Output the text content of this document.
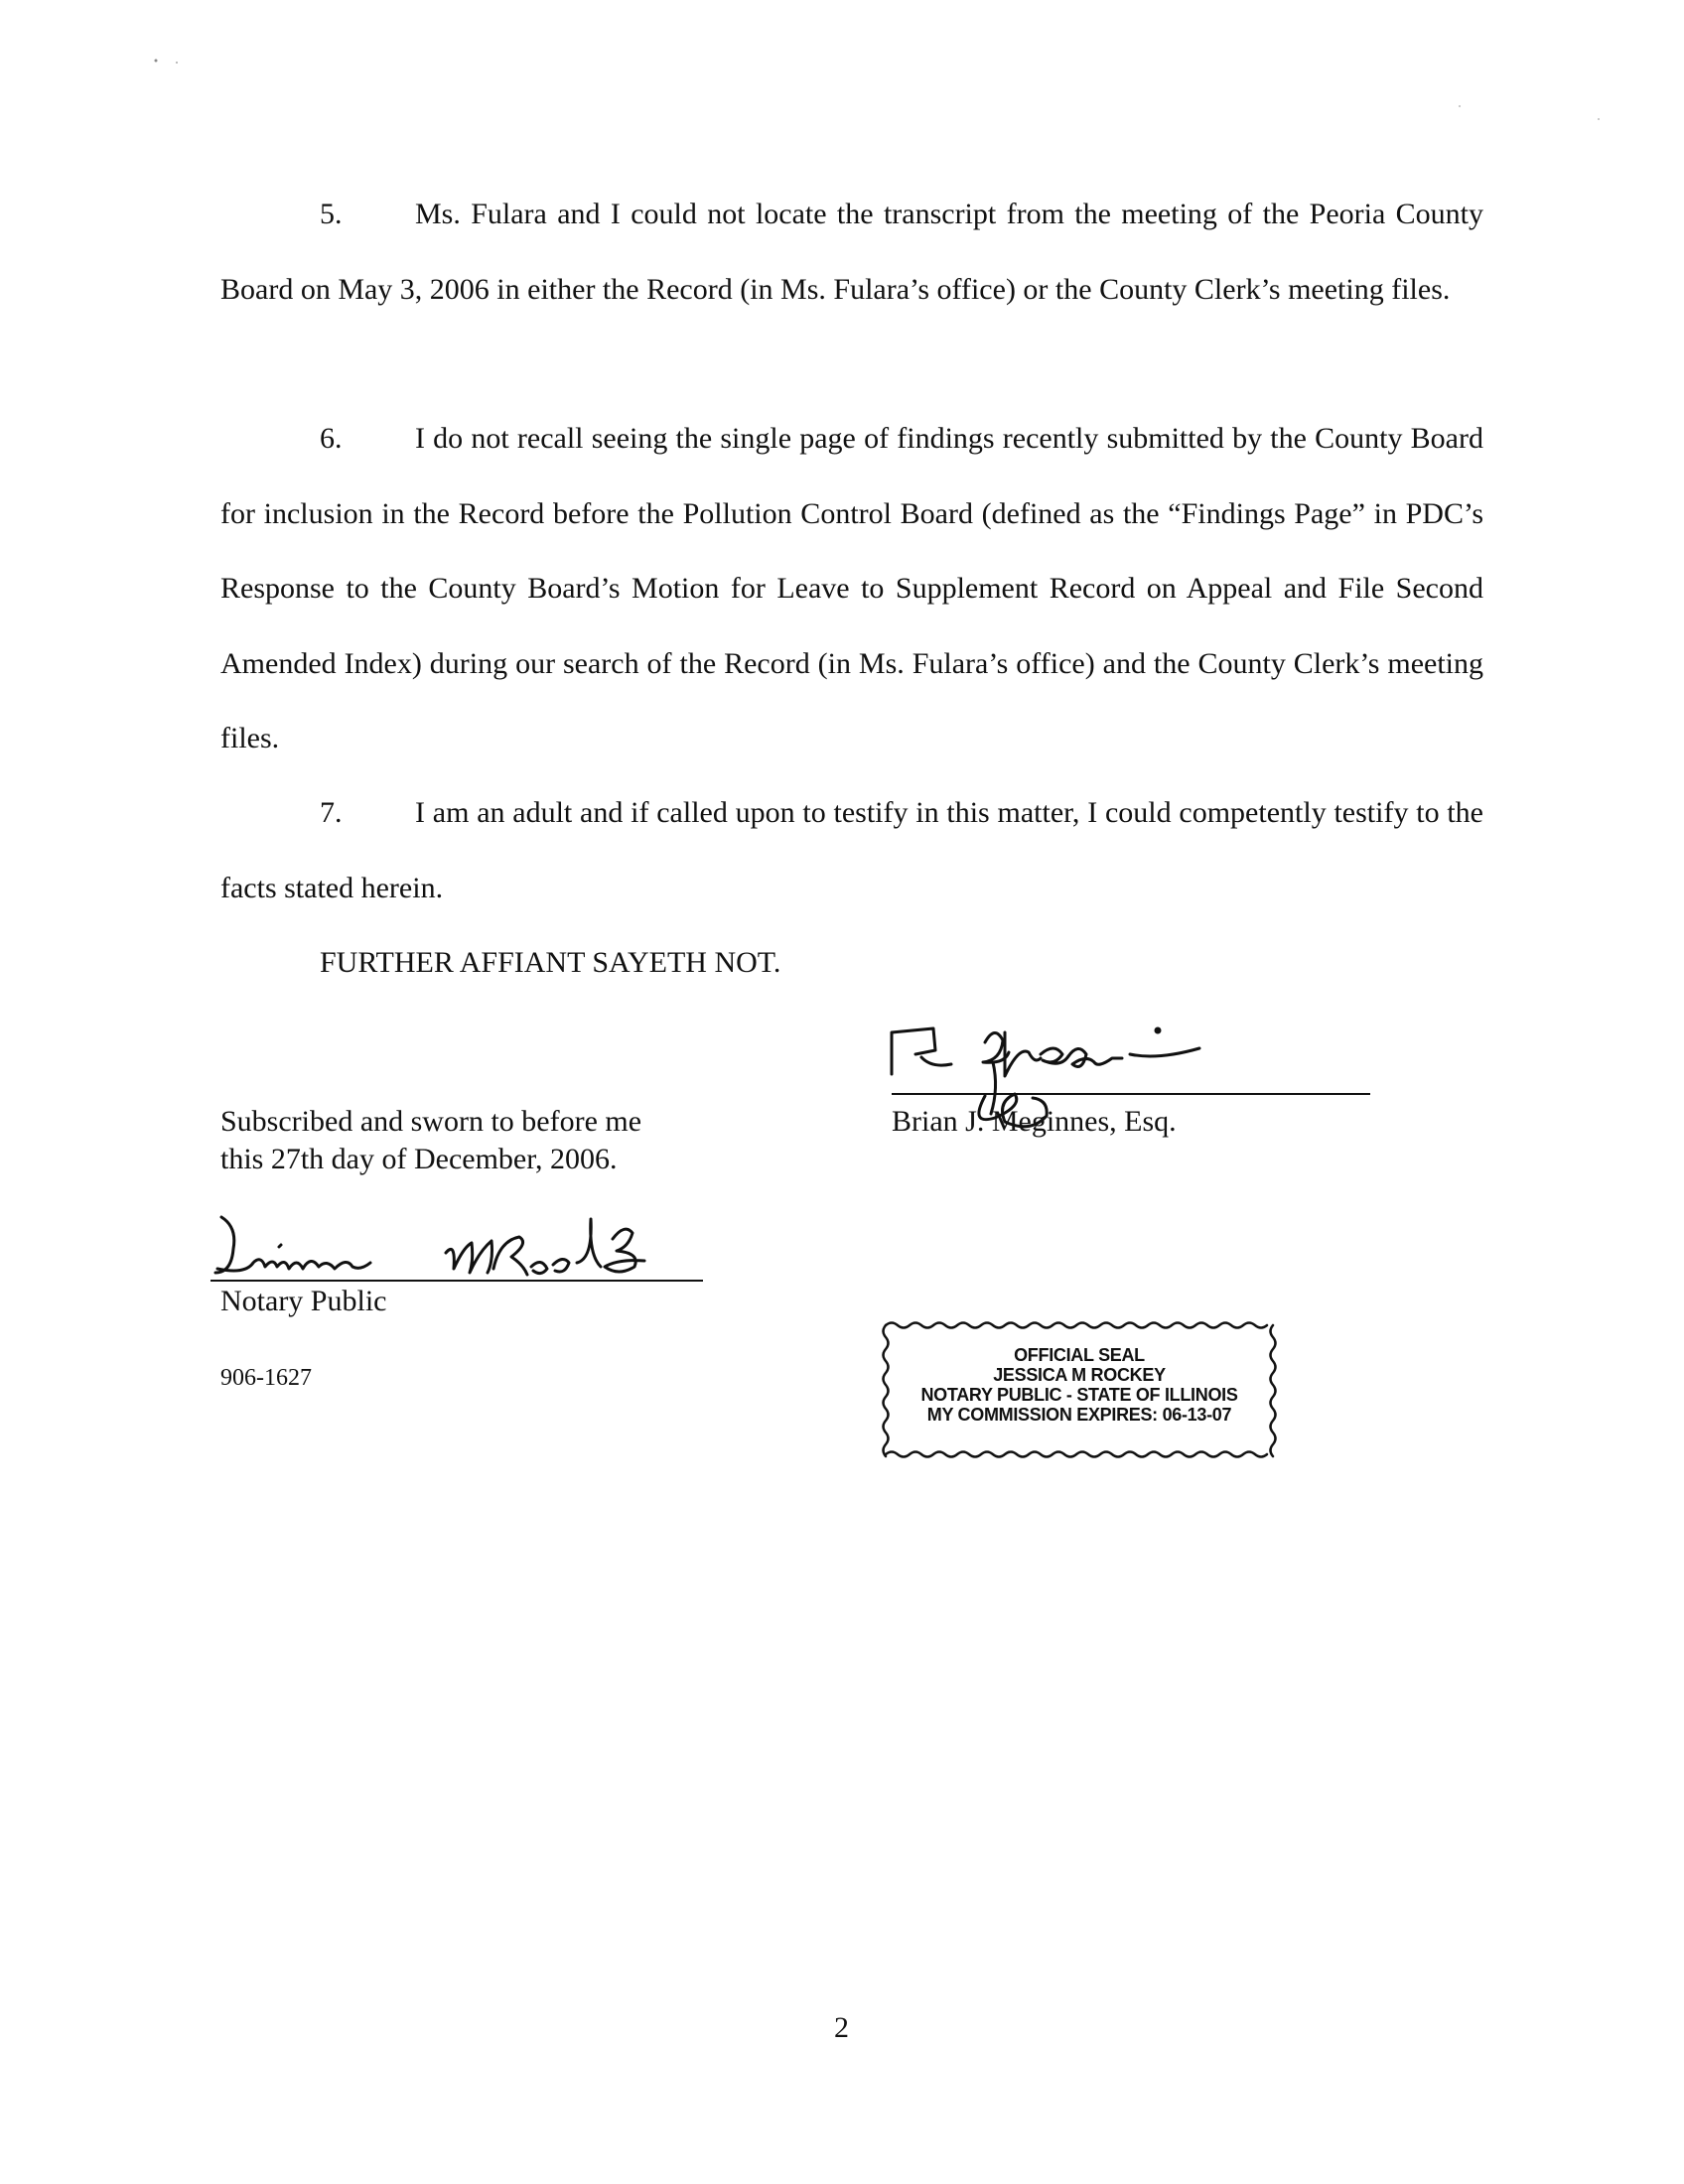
5. Ms. Fulara and I could not locate the transcript from the meeting of the Peoria County Board on May 3, 2006 in either the Record (in Ms. Fulara’s office) or the County Clerk’s meeting files.

6. I do not recall seeing the single page of findings recently submitted by the County Board for inclusion in the Record before the Pollution Control Board (defined as the “Findings Page” in PDC’s Response to the County Board’s Motion for Leave to Supplement Record on Appeal and File Second Amended Index) during our search of the Record (in Ms. Fulara’s office) and the County Clerk’s meeting files.

7. I am an adult and if called upon to testify in this matter, I could competently testify to the facts stated herein.

FURTHER AFFIANT SAYETH NOT.
Brian J. Meginnes, Esq.
Subscribed and sworn to before me
this 27th day of December, 2006.
Notary Public
906-1627
OFFICIAL SEAL
JESSICA M ROCKEY
NOTARY PUBLIC - STATE OF ILLINOIS
MY COMMISSION EXPIRES: 06-13-07
2
